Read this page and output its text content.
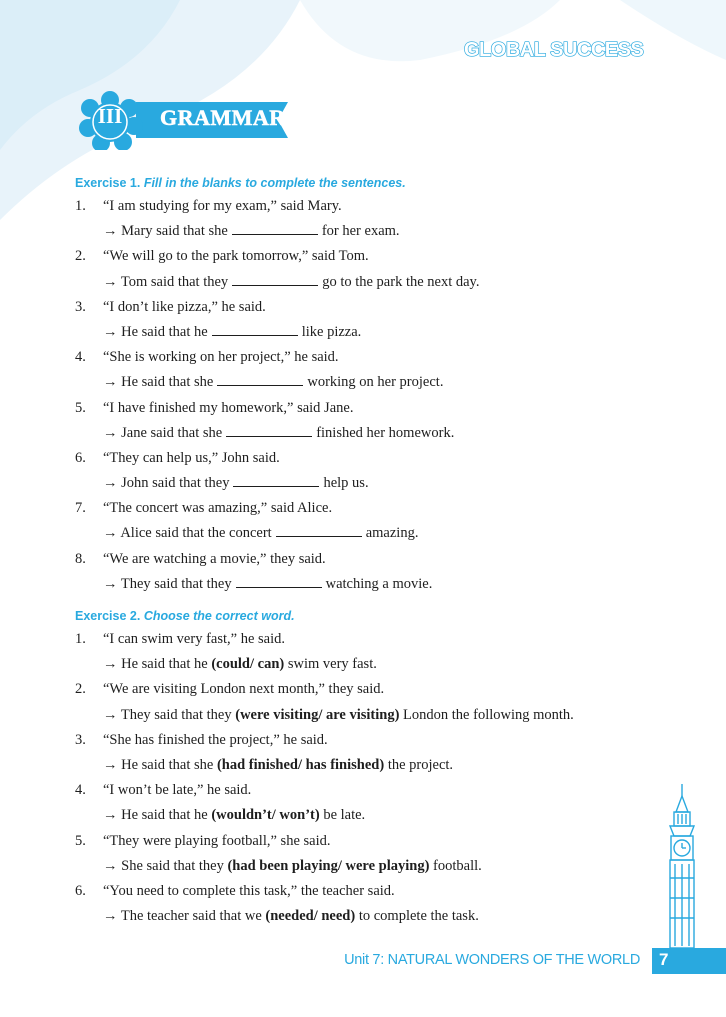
GLOBAL SUCCESS
III GRAMMAR
Exercise 1. Fill in the blanks to complete the sentences.
1. “I am studying for my exam,” said Mary.
→ Mary said that she	for her exam.
2. “We will go to the park tomorrow,” said Tom.
→ Tom said that they	go to the park the next day.
3. “I don’t like pizza,” he said.
→ He said that he	like pizza.
4. “She is working on her project,” he said.
→ He said that she	working on her project.
5. “I have finished my homework,” said Jane.
→ Jane said that she	finished her homework.
6. “They can help us,” John said.
→ John said that they	help us.
7. “The concert was amazing,” said Alice.
→ Alice said that the concert	amazing.
8. “We are watching a movie,” they said.
→ They said that they	watching a movie.
Exercise 2. Choose the correct word.
1. “I can swim very fast,” he said.
→ He said that he (could/ can) swim very fast.
2. “We are visiting London next month,” they said.
→ They said that they (were visiting/ are visiting) London the following month.
3. “She has finished the project,” he said.
→ He said that she (had finished/ has finished) the project.
4. “I won’t be late,” he said.
→ He said that he (wouldn’t/ won’t) be late.
5. “They were playing football,” she said.
→ She said that they (had been playing/ were playing) football.
6. “You need to complete this task,” the teacher said.
→ The teacher said that we (needed/ need) to complete the task.
Unit 7: NATURAL WONDERS OF THE WORLD 7
